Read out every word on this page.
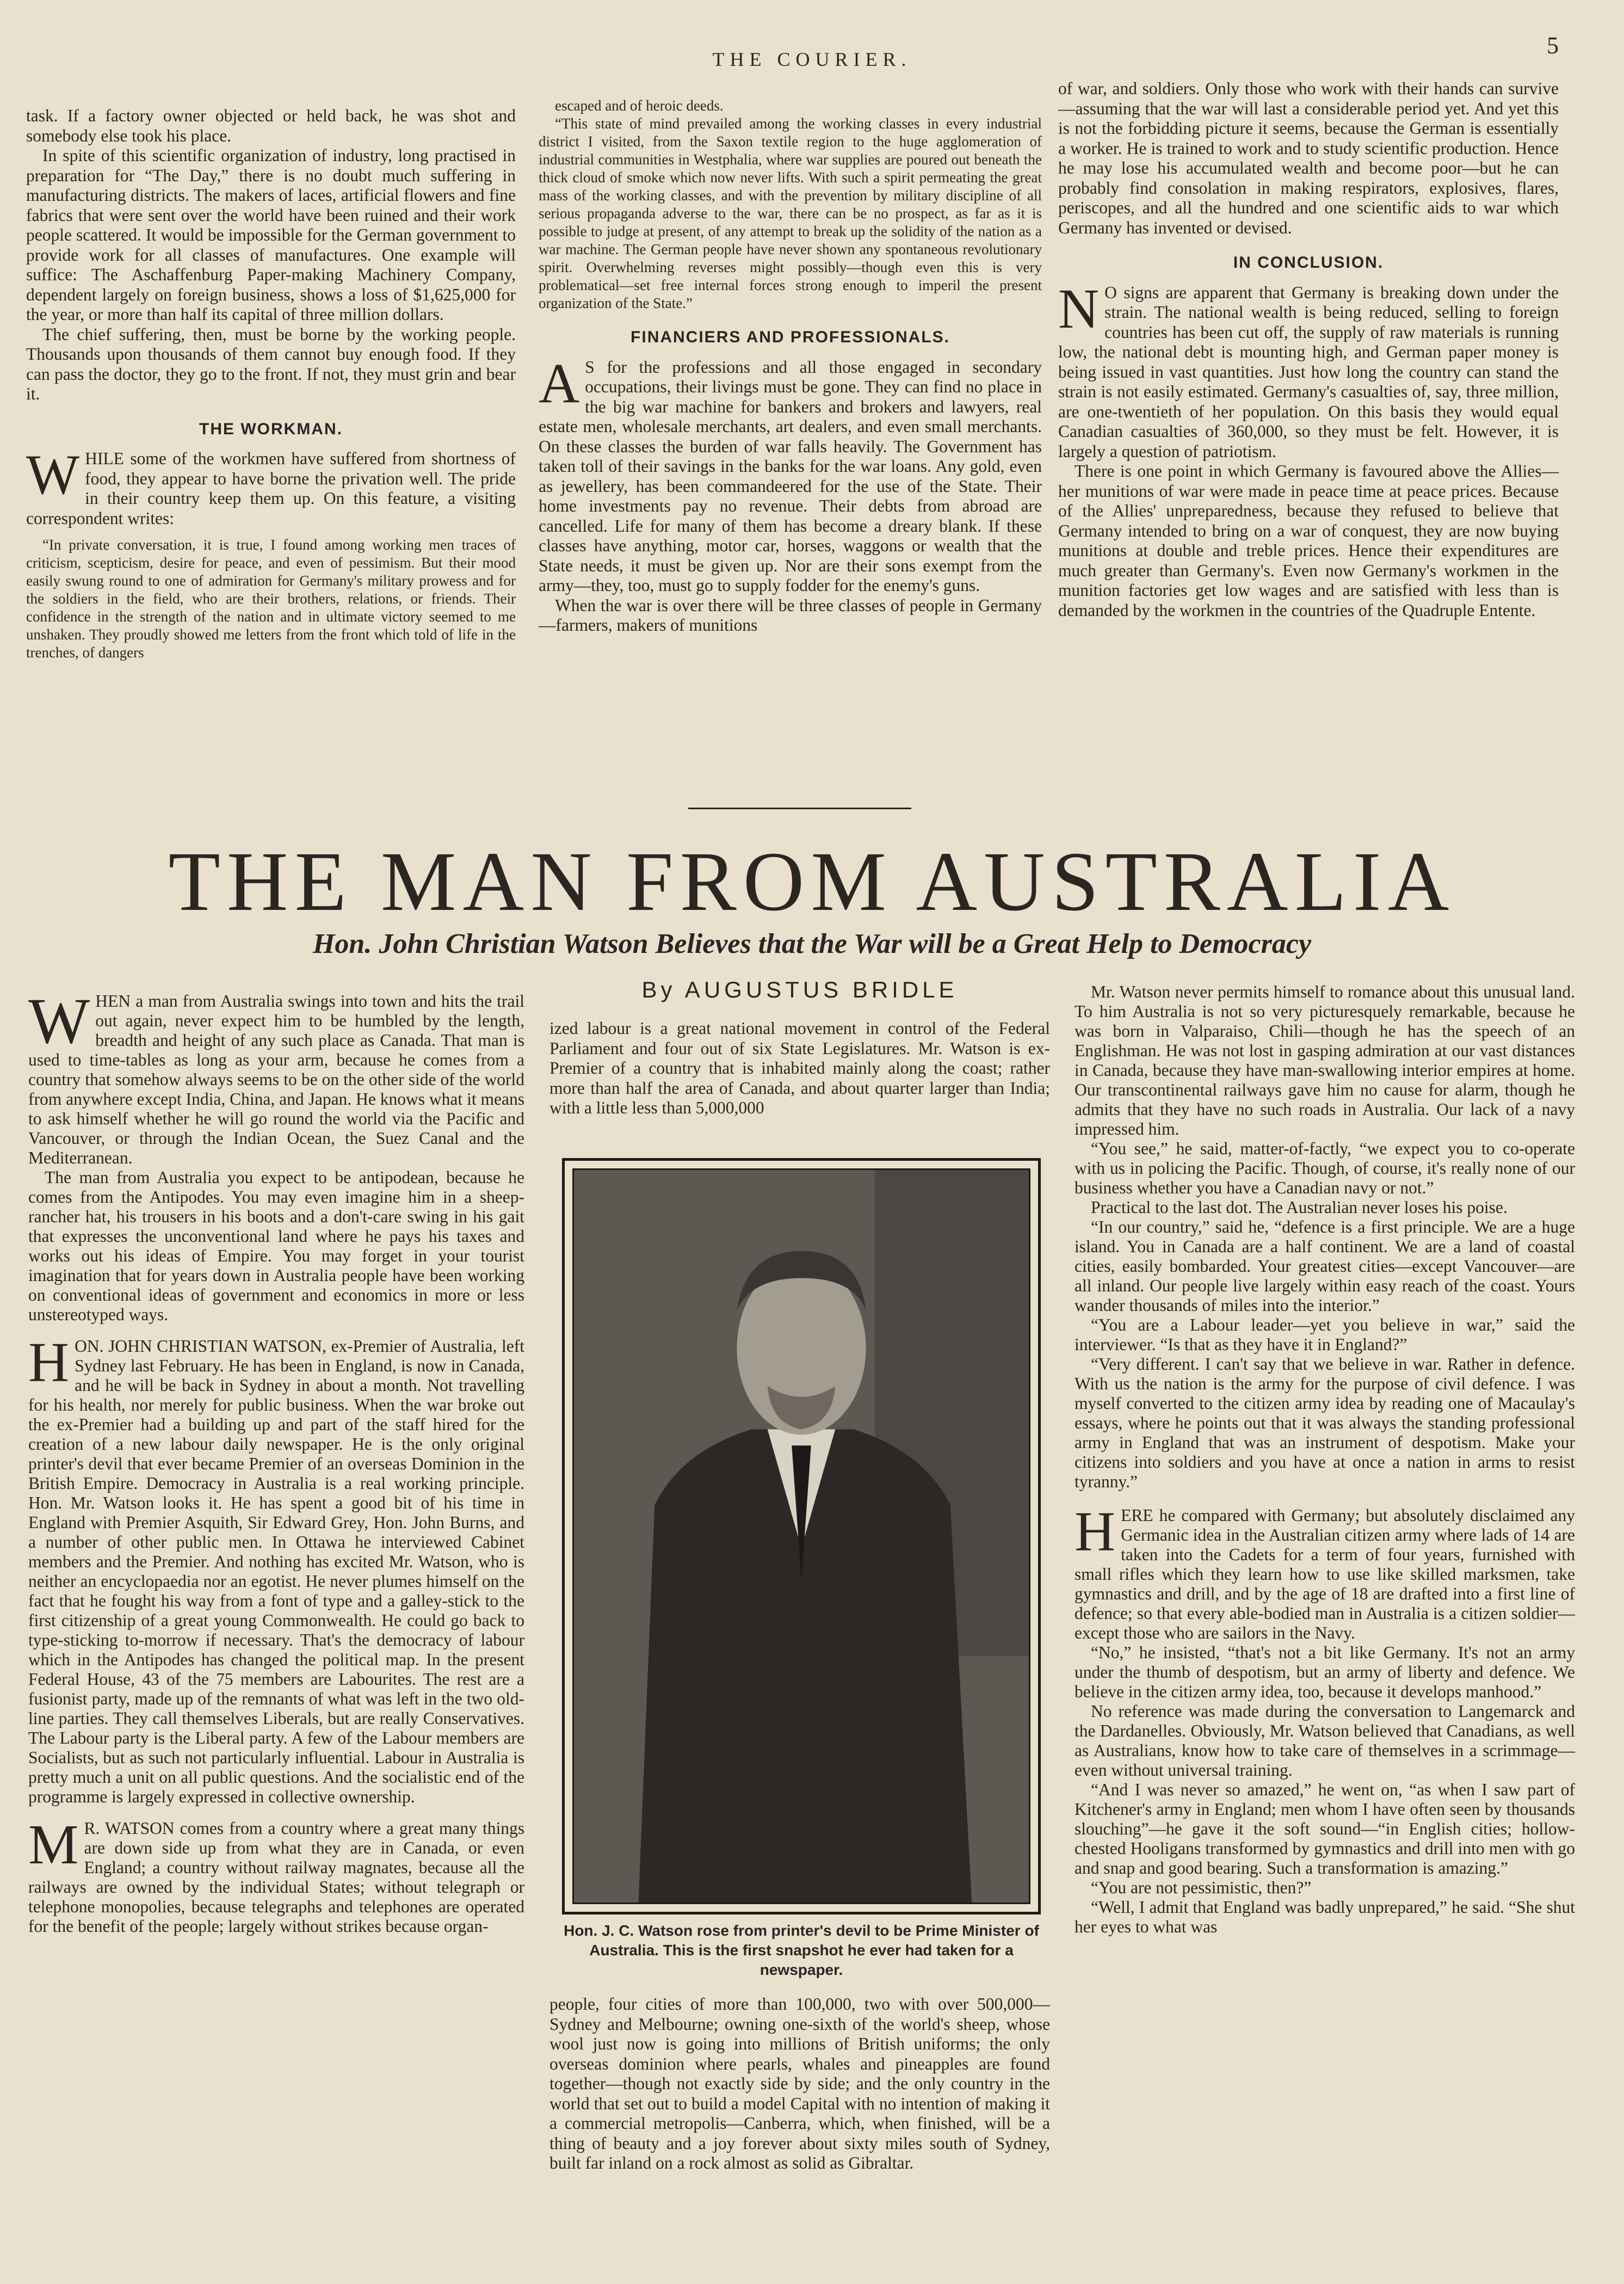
THE COURIER.
5

task. If a factory owner objected or held back, he was shot and somebody else took his place.

In spite of this scientific organization of industry, long practised in preparation for “The Day,” there is no doubt much suffering in manufacturing districts. The makers of laces, artificial flowers and fine fabrics that were sent over the world have been ruined and their work people scattered. It would be impossible for the German government to provide work for all classes of manufactures. One example will suffice: The Aschaffenburg Paper-making Machinery Company, dependent largely on foreign business, shows a loss of $1,625,000 for the year, or more than half its capital of three million dollars.

The chief suffering, then, must be borne by the working people. Thousands upon thousands of them cannot buy enough food. If they can pass the doctor, they go to the front. If not, they must grin and bear it.

THE WORKMAN.

WHILE some of the workmen have suffered from shortness of food, they appear to have borne the privation well. The pride in their country keep them up. On this feature, a visiting correspondent writes:

“In private conversation, it is true, I found among working men traces of criticism, scepticism, desire for peace, and even of pessimism. But their mood easily swung round to one of admiration for Germany's military prowess and for the soldiers in the field, who are their brothers, relations, or friends. Their confidence in the strength of the nation and in ultimate victory seemed to me unshaken. They proudly showed me letters from the front which told of life in the trenches, of dangers

escaped and of heroic deeds.

“This state of mind prevailed among the working classes in every industrial district I visited, from the Saxon textile region to the huge agglomeration of industrial communities in Westphalia, where war supplies are poured out beneath the thick cloud of smoke which now never lifts. With such a spirit permeating the great mass of the working classes, and with the prevention by military discipline of all serious propaganda adverse to the war, there can be no prospect, as far as it is possible to judge at present, of any attempt to break up the solidity of the nation as a war machine. The German people have never shown any spontaneous revolutionary spirit. Overwhelming reverses might possibly—though even this is very problematical—set free internal forces strong enough to imperil the present organization of the State.”

FINANCIERS AND PROFESSIONALS.

A S for the professions and all those engaged in secondary occupations, their livings must be gone. They can find no place in the big war machine for bankers and brokers and lawyers, real estate men, wholesale merchants, art dealers, and even small merchants. On these classes the burden of war falls heavily. The Government has taken toll of their savings in the banks for the war loans. Any gold, even as jewellery, has been commandeered for the use of the State. Their home investments pay no revenue. Their debts from abroad are cancelled. Life for many of them has become a dreary blank. If these classes have anything, motor car, horses, waggons or wealth that the State needs, it must be given up. Nor are their sons exempt from the army—they, too, must go to supply fodder for the enemy's guns.

When the war is over there will be three classes of people in Germany—farmers, makers of munitions

of war, and soldiers. Only those who work with their hands can survive—assuming that the war will last a considerable period yet. And yet this is not the forbidding picture it seems, because the German is essentially a worker. He is trained to work and to study scientific production. Hence he may lose his accumulated wealth and become poor—but he can probably find consolation in making respirators, explosives, flares, periscopes, and all the hundred and one scientific aids to war which Germany has invented or devised.

IN CONCLUSION.

N O signs are apparent that Germany is breaking down under the strain. The national wealth is being reduced, selling to foreign countries has been cut off, the supply of raw materials is running low, the national debt is mounting high, and German paper money is being issued in vast quantities. Just how long the country can stand the strain is not easily estimated. Germany's casualties of, say, three million, are one-twentieth of her population. On this basis they would equal Canadian casualties of 360,000, so they must be felt. However, it is largely a question of patriotism.

There is one point in which Germany is favoured above the Allies—her munitions of war were made in peace time at peace prices. Because of the Allies' unpreparedness, because they refused to believe that Germany intended to bring on a war of conquest, they are now buying munitions at double and treble prices. Hence their expenditures are much greater than Germany's. Even now Germany's workmen in the munition factories get low wages and are satisfied with less than is demanded by the workmen in the countries of the Quadruple Entente.

THE MAN FROM AUSTRALIA
Hon. John Christian Watson Believes that the War will be a Great Help to Democracy
By AUGUSTUS BRIDLE

WHEN a man from Australia swings into town and hits the trail out again, never expect him to be humbled by the length, breadth and height of any such place as Canada. That man is used to time-tables as long as your arm, because he comes from a country that somehow always seems to be on the other side of the world from anywhere except India, China, and Japan. He knows what it means to ask himself whether he will go round the world via the Pacific and Vancouver, or through the Indian Ocean, the Suez Canal and the Mediterranean.

The man from Australia you expect to be antipodean, because he comes from the Antipodes. You may even imagine him in a sheep-rancher hat, his trousers in his boots and a don't-care swing in his gait that expresses the unconventional land where he pays his taxes and works out his ideas of Empire. You may forget in your tourist imagination that for years down in Australia people have been working on conventional ideas of government and economics in more or less unstereotyped ways.

HON. JOHN CHRISTIAN WATSON, ex-Premier of Australia, left Sydney last February. He has been in England, is now in Canada, and he will be back in Sydney in about a month. Not travelling for his health, nor merely for public business. When the war broke out the ex-Premier had a building up and part of the staff hired for the creation of a new labour daily newspaper. He is the only original printer's devil that ever became Premier of an overseas Dominion in the British Empire. Democracy in Australia is a real working principle. Hon. Mr. Watson looks it. He has spent a good bit of his time in England with Premier Asquith, Sir Edward Grey, Hon. John Burns, and a number of other public men. In Ottawa he interviewed Cabinet members and the Premier. And nothing has excited Mr. Watson, who is neither an encyclopaedia nor an egotist. He never plumes himself on the fact that he fought his way from a font of type and a galley-stick to the first citizenship of a great young Commonwealth. He could go back to type-sticking to-morrow if necessary. That's the democracy of labour which in the Antipodes has changed the political map. In the present Federal House, 43 of the 75 members are Labourites. The rest are a fusionist party, made up of the remnants of what was left in the two old-line parties. They call themselves Liberals, but are really Conservatives. The Labour party is the Liberal party. A few of the Labour members are Socialists, but as such not particularly influential. Labour in Australia is pretty much a unit on all public questions. And the socialistic end of the programme is largely expressed in collective ownership.

M R. WATSON comes from a country where a great many things are down side up from what they are in Canada, or even England; a country without railway magnates, because all the railways are owned by the individual States; without telegraph or telephone monopolies, because telegraphs and telephones are operated for the benefit of the people; largely without strikes because organ-

ized labour is a great national movement in control of the Federal Parliament and four out of six State Legislatures. Mr. Watson is ex-Premier of a country that is inhabited mainly along the coast; rather more than half the area of Canada, and about quarter larger than India; with a little less than 5,000,000

Hon. J. C. Watson rose from printer's devil to be Prime Minister of Australia. This is the first snapshot he ever had taken for a newspaper.

people, four cities of more than 100,000, two with over 500,000—Sydney and Melbourne; owning one-sixth of the world's sheep, whose wool just now is going into millions of British uniforms; the only overseas dominion where pearls, whales and pineapples are found together—though not exactly side by side; and the only country in the world that set out to build a model Capital with no intention of making it a commercial metropolis—Canberra, which, when finished, will be a thing of beauty and a joy forever about sixty miles south of Sydney, built far inland on a rock almost as solid as Gibraltar.

Mr. Watson never permits himself to romance about this unusual land. To him Australia is not so very picturesquely remarkable, because he was born in Valparaiso, Chili—though he has the speech of an Englishman. He was not lost in gasping admiration at our vast distances in Canada, because they have man-swallowing interior empires at home. Our transcontinental railways gave him no cause for alarm, though he admits that they have no such roads in Australia. Our lack of a navy impressed him.

“You see,” he said, matter-of-factly, “we expect you to co-operate with us in policing the Pacific. Though, of course, it's really none of our business whether you have a Canadian navy or not.”

Practical to the last dot. The Australian never loses his poise.

“In our country,” said he, “defence is a first principle. We are a huge island. You in Canada are a half continent. We are a land of coastal cities, easily bombarded. Your greatest cities—except Vancouver—are all inland. Our people live largely within easy reach of the coast. Yours wander thousands of miles into the interior.”

“You are a Labour leader—yet you believe in war,” said the interviewer. “Is that as they have it in England?”

“Very different. I can't say that we believe in war. Rather in defence. With us the nation is the army for the purpose of civil defence. I was myself converted to the citizen army idea by reading one of Macaulay's essays, where he points out that it was always the standing professional army in England that was an instrument of despotism. Make your citizens into soldiers and you have at once a nation in arms to resist tyranny.”

HERE he compared with Germany; but absolutely disclaimed any Germanic idea in the Australian citizen army where lads of 14 are taken into the Cadets for a term of four years, furnished with small rifles which they learn how to use like skilled marksmen, take gymnastics and drill, and by the age of 18 are drafted into a first line of defence; so that every able-bodied man in Australia is a citizen soldier—except those who are sailors in the Navy.

“No,” he insisted, “that's not a bit like Germany. It's not an army under the thumb of despotism, but an army of liberty and defence. We believe in the citizen army idea, too, because it develops manhood.”

No reference was made during the conversation to Langemarck and the Dardanelles. Obviously, Mr. Watson believed that Canadians, as well as Australians, know how to take care of themselves in a scrimmage—even without universal training.

“And I was never so amazed,” he went on, “as when I saw part of Kitchener's army in England; men whom I have often seen by thousands slouching”—he gave it the soft sound—“in English cities; hollow-chested Hooligans transformed by gymnastics and drill into men with go and snap and good bearing. Such a transformation is amazing.”

“You are not pessimistic, then?”

“Well, I admit that England was badly unprepared,” he said. “She shut her eyes to what was
